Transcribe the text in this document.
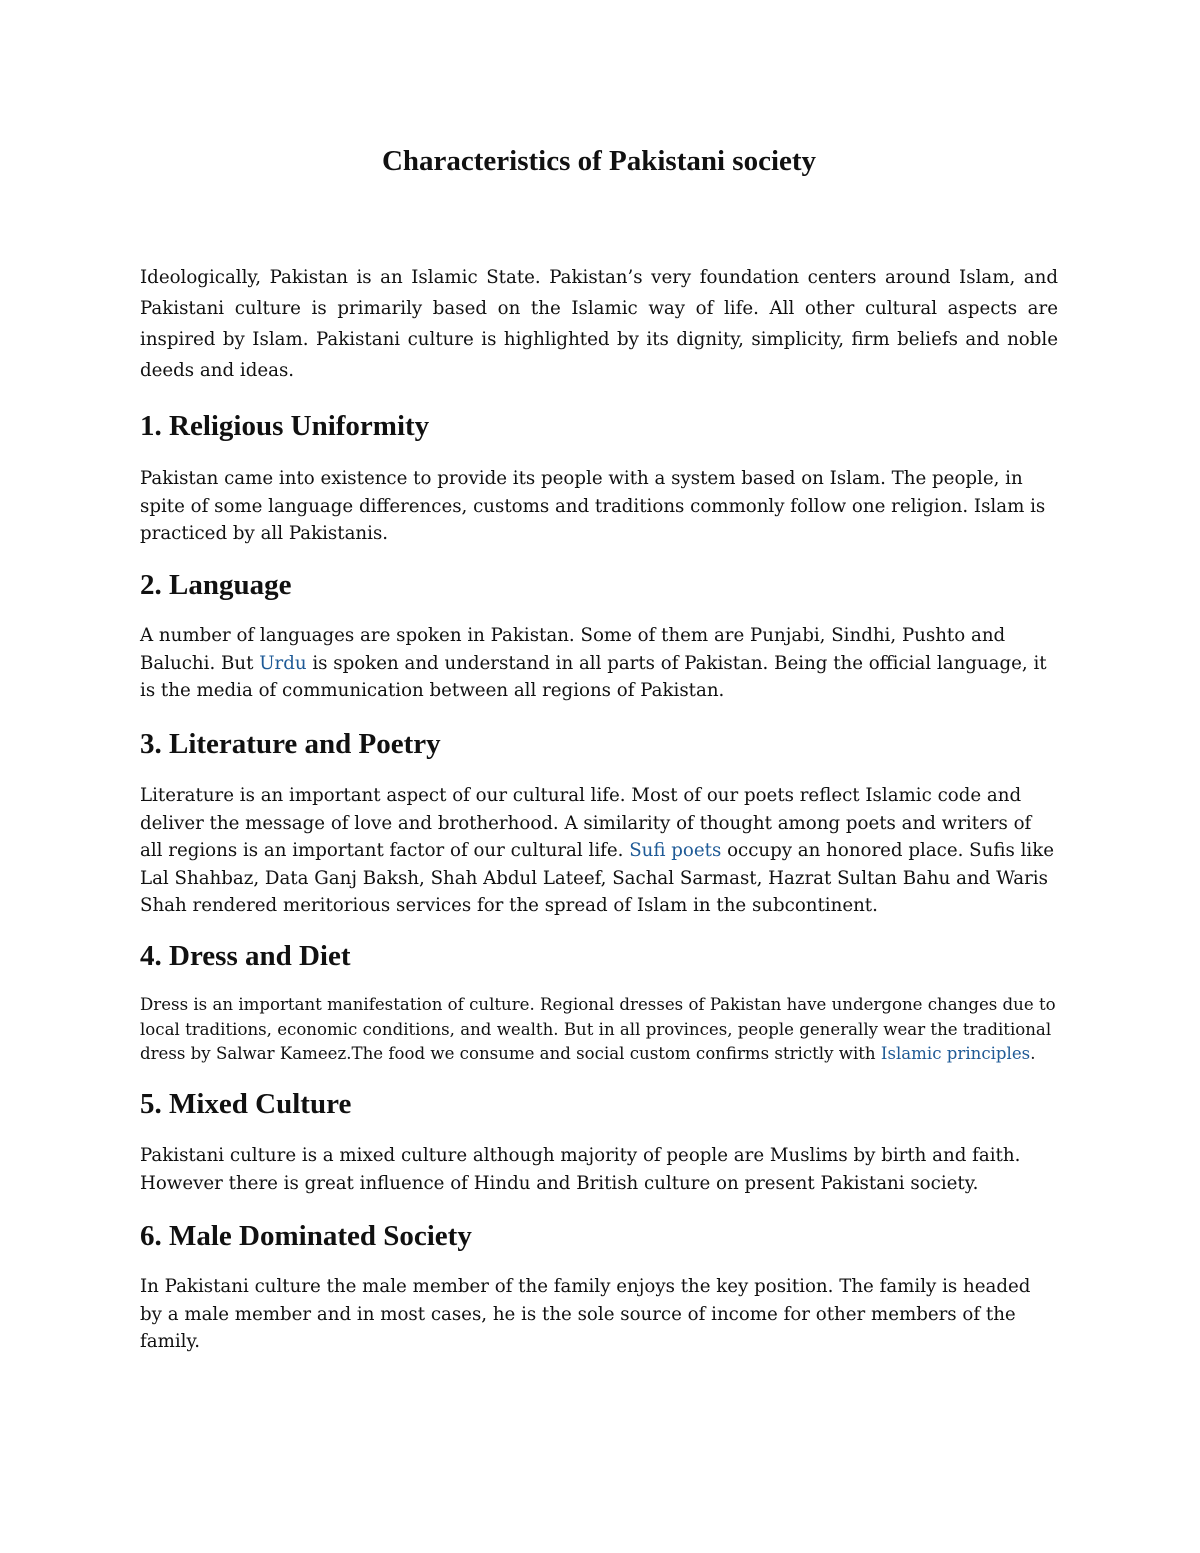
Characteristics of Pakistani society

Ideologically, Pakistan is an Islamic State. Pakistan’s very foundation centers around Islam, and Pakistani culture is primarily based on the Islamic way of life. All other cultural aspects are inspired by Islam. Pakistani culture is highlighted by its dignity, simplicity, firm beliefs and noble deeds and ideas.

1. Religious Uniformity

Pakistan came into existence to provide its people with a system based on Islam. The people, in spite of some language differences, customs and traditions commonly follow one religion. Islam is practiced by all Pakistanis.

2. Language

A number of languages are spoken in Pakistan. Some of them are Punjabi, Sindhi, Pushto and Baluchi. But Urdu is spoken and understand in all parts of Pakistan. Being the official language, it is the media of communication between all regions of Pakistan.

3. Literature and Poetry

Literature is an important aspect of our cultural life. Most of our poets reflect Islamic code and deliver the message of love and brotherhood. A similarity of thought among poets and writers of all regions is an important factor of our cultural life. Sufi poets occupy an honored place. Sufis like Lal Shahbaz, Data Ganj Baksh, Shah Abdul Lateef, Sachal Sarmast, Hazrat Sultan Bahu and Waris Shah rendered meritorious services for the spread of Islam in the subcontinent.

4. Dress and Diet

Dress is an important manifestation of culture. Regional dresses of Pakistan have undergone changes due to local traditions, economic conditions, and wealth. But in all provinces, people generally wear the traditional dress by Salwar Kameez.The food we consume and social custom confirms strictly with Islamic principles.

5. Mixed Culture

Pakistani culture is a mixed culture although majority of people are Muslims by birth and faith. However there is great influence of Hindu and British culture on present Pakistani society.

6. Male Dominated Society

In Pakistani culture the male member of the family enjoys the key position. The family is headed by a male member and in most cases, he is the sole source of income for other members of the family.
